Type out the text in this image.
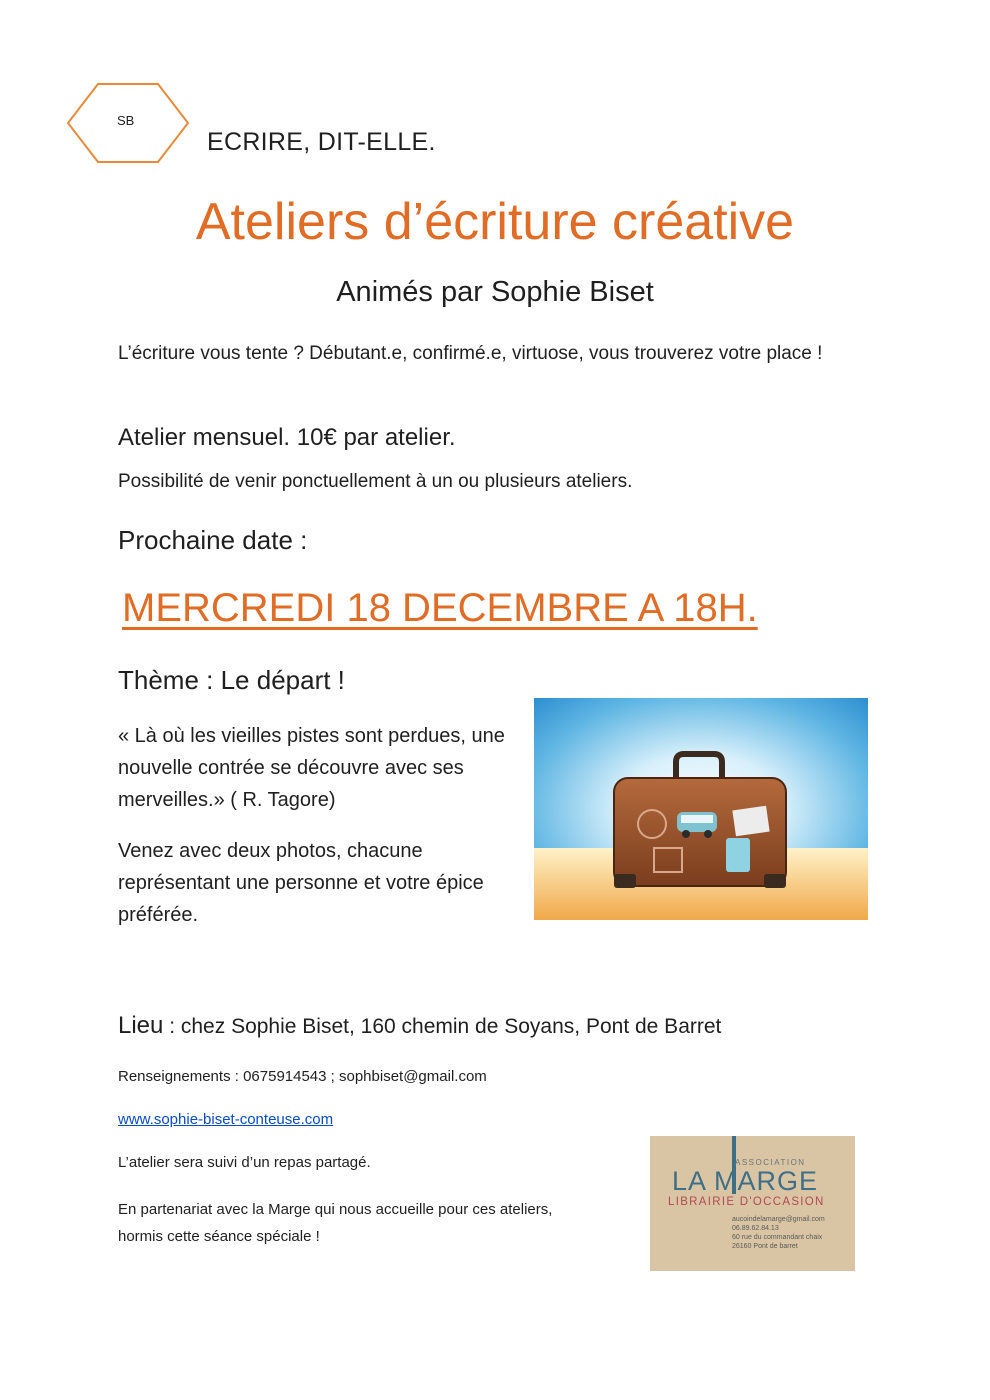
SB
ECRIRE, DIT-ELLE.
Ateliers d’écriture créative
Animés par Sophie Biset
L’écriture vous tente ? Débutant.e, confirmé.e, virtuose, vous trouverez votre place !
Atelier mensuel. 10€ par atelier.
Possibilité de venir ponctuellement à un ou plusieurs ateliers.
Prochaine date :
MERCREDI 18 DECEMBRE A 18H.
Thème : Le départ !
« Là où les vieilles pistes sont perdues, une nouvelle contrée se découvre avec ses merveilles.» ( R. Tagore)
Venez avec deux photos, chacune représentant une personne et votre épice préférée.
Lieu : chez Sophie Biset, 160 chemin de Soyans, Pont de Barret
Renseignements : 0675914543 ; sophbiset@gmail.com
www.sophie-biset-conteuse.com
L’atelier sera suivi d’un repas partagé.
En partenariat avec la Marge qui nous accueille pour ces ateliers, hormis cette séance spéciale !
ASSOCIATION
LA MARGE
LIBRAIRIE D'OCCASION
aucoindelamarge@gmail.com
06.89.62.84.13
60 rue du commandant chaix
26160 Pont de barret
